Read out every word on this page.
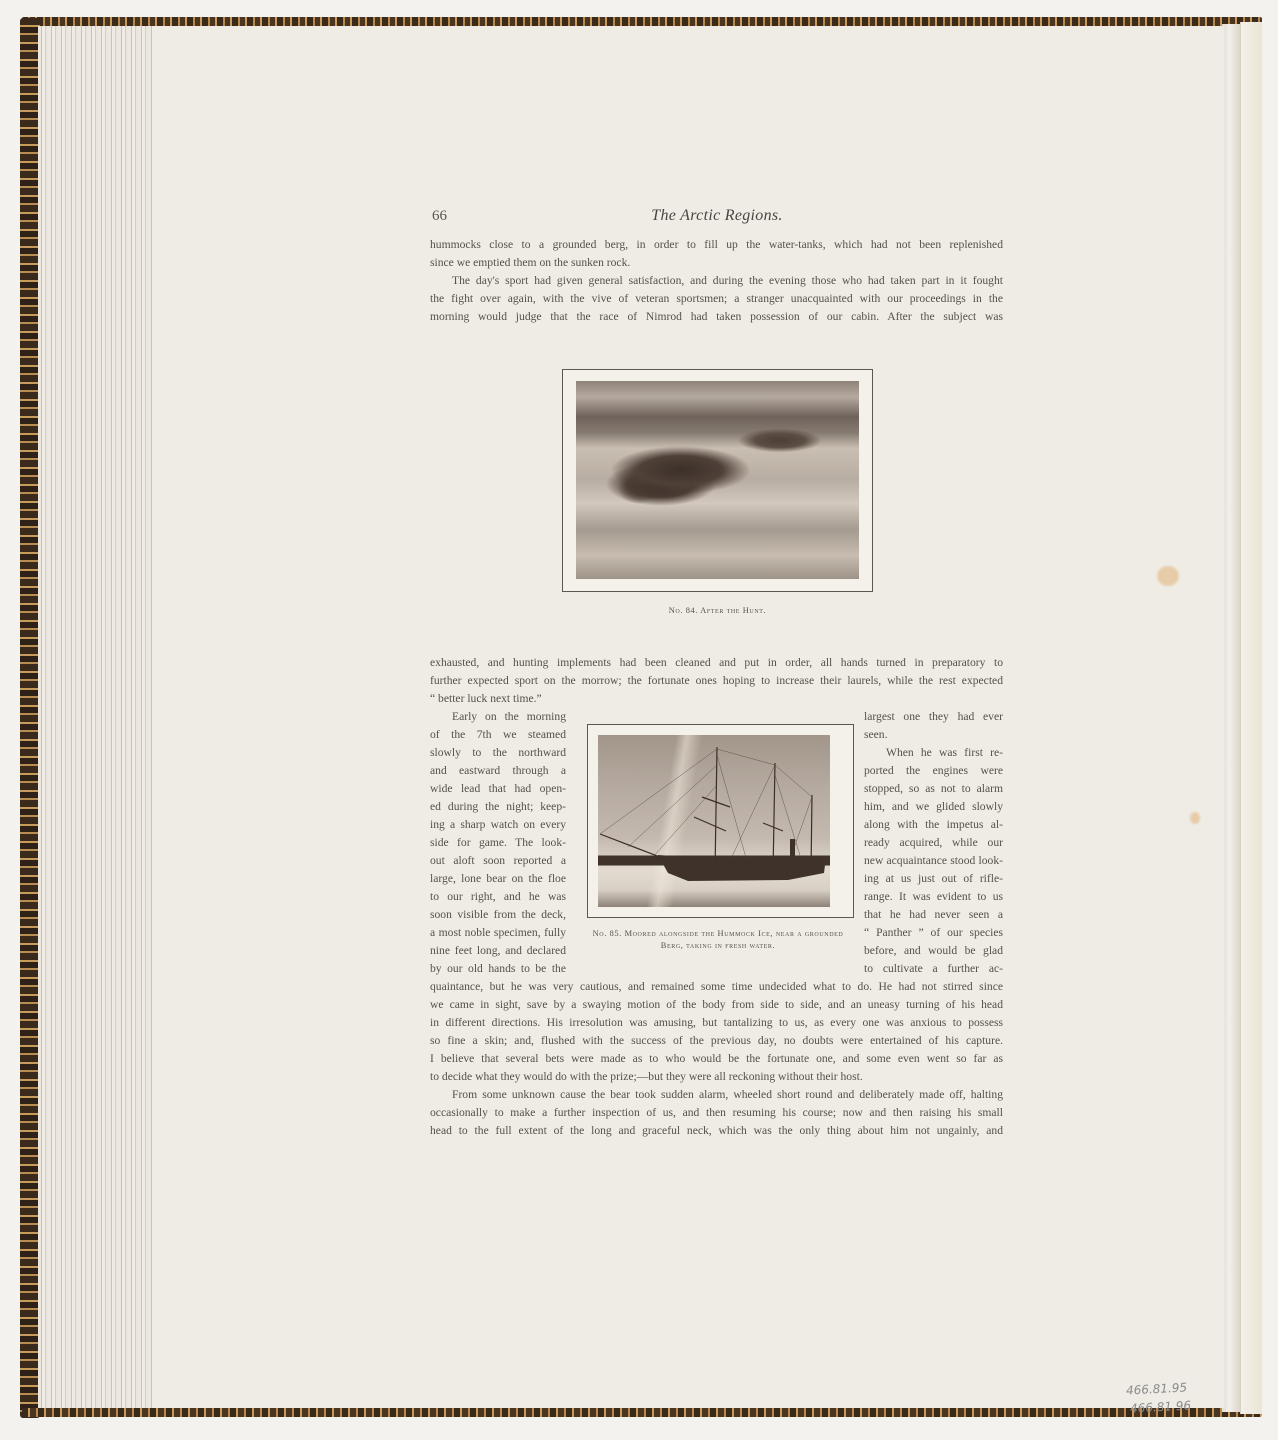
66	The Arctic Regions.

hummocks close to a grounded berg, in order to fill up the water-tanks, which had not been replenished

since we emptied them on the sunken rock.

The day's sport had given general satisfaction, and during the evening those who had taken part in it fought

the fight over again, with the vive of veteran sportsmen; a stranger unacquainted with our proceedings in the

morning would judge that the race of Nimrod had taken possession of our cabin. After the subject was

No. 84. After the Hunt.

exhausted, and hunting implements had been cleaned and put in order, all hands turned in preparatory to

further expected sport on the morrow; the fortunate ones hoping to increase their laurels, while the rest expected

“ better luck next time.”

Early on the morning
of the 7th we steamed
slowly to the northward
and eastward through a
wide lead that had open-
ed during the night; keep-
ing a sharp watch on every
side for game. The look-
out aloft soon reported a
large, lone bear on the floe
to our right, and he was
soon visible from the deck,
a most noble specimen, fully
nine feet long, and declared
by our old hands to be the
No. 85. Moored alongside the Hummock Ice, near a grounded
Berg, taking in fresh water.
largest one they had ever
seen.
When he was first re-
ported the engines were
stopped, so as not to alarm
him, and we glided slowly
along with the impetus al-
ready acquired, while our
new acquaintance stood look-
ing at us just out of rifle-
range. It was evident to us
that he had never seen a
“ Panther ” of our species
before, and would be glad
to cultivate a further ac-

quaintance, but he was very cautious, and remained some time undecided what to do. He had not stirred since

we came in sight, save by a swaying motion of the body from side to side, and an uneasy turning of his head

in different directions. His irresolution was amusing, but tantalizing to us, as every one was anxious to possess

so fine a skin; and, flushed with the success of the previous day, no doubts were entertained of his capture.

I believe that several bets were made as to who would be the fortunate one, and some even went so far as

to decide what they would do with the prize;—but they were all reckoning without their host.

From some unknown cause the bear took sudden alarm, wheeled short round and deliberately made off, halting

occasionally to make a further inspection of us, and then resuming his course; now and then raising his small

head to the full extent of the long and graceful neck, which was the only thing about him not ungainly, and

466.81.95
466.81.96
